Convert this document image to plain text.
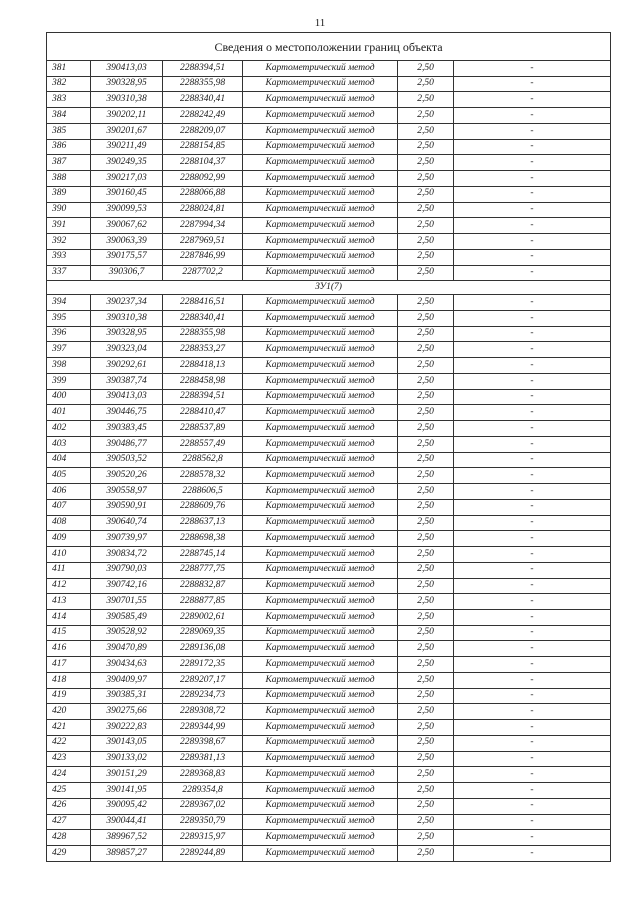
11
Сведения о местоположении границ объекта					
381	390413,03	2288394,51	Картометрический метод	2,50	-
382	390328,95	2288355,98	Картометрический метод	2,50	-
383	390310,38	2288340,41	Картометрический метод	2,50	-
384	390202,11	2288242,49	Картометрический метод	2,50	-
385	390201,67	2288209,07	Картометрический метод	2,50	-
386	390211,49	2288154,85	Картометрический метод	2,50	-
387	390249,35	2288104,37	Картометрический метод	2,50	-
388	390217,03	2288092,99	Картометрический метод	2,50	-
389	390160,45	2288066,88	Картометрический метод	2,50	-
390	390099,53	2288024,81	Картометрический метод	2,50	-
391	390067,62	2287994,34	Картометрический метод	2,50	-
392	390063,39	2287969,51	Картометрический метод	2,50	-
393	390175,57	2287846,99	Картометрический метод	2,50	-
337	390306,7	2287702,2	Картометрический метод	2,50	-
ЗУ1(7)					
394	390237,34	2288416,51	Картометрический метод	2,50	-
395	390310,38	2288340,41	Картометрический метод	2,50	-
396	390328,95	2288355,98	Картометрический метод	2,50	-
397	390323,04	2288353,27	Картометрический метод	2,50	-
398	390292,61	2288418,13	Картометрический метод	2,50	-
399	390387,74	2288458,98	Картометрический метод	2,50	-
400	390413,03	2288394,51	Картометрический метод	2,50	-
401	390446,75	2288410,47	Картометрический метод	2,50	-
402	390383,45	2288537,89	Картометрический метод	2,50	-
403	390486,77	2288557,49	Картометрический метод	2,50	-
404	390503,52	2288562,8	Картометрический метод	2,50	-
405	390520,26	2288578,32	Картометрический метод	2,50	-
406	390558,97	2288606,5	Картометрический метод	2,50	-
407	390590,91	2288609,76	Картометрический метод	2,50	-
408	390640,74	2288637,13	Картометрический метод	2,50	-
409	390739,97	2288698,38	Картометрический метод	2,50	-
410	390834,72	2288745,14	Картометрический метод	2,50	-
411	390790,03	2288777,75	Картометрический метод	2,50	-
412	390742,16	2288832,87	Картометрический метод	2,50	-
413	390701,55	2288877,85	Картометрический метод	2,50	-
414	390585,49	2289002,61	Картометрический метод	2,50	-
415	390528,92	2289069,35	Картометрический метод	2,50	-
416	390470,89	2289136,08	Картометрический метод	2,50	-
417	390434,63	2289172,35	Картометрический метод	2,50	-
418	390409,97	2289207,17	Картометрический метод	2,50	-
419	390385,31	2289234,73	Картометрический метод	2,50	-
420	390275,66	2289308,72	Картометрический метод	2,50	-
421	390222,83	2289344,99	Картометрический метод	2,50	-
422	390143,05	2289398,67	Картометрический метод	2,50	-
423	390133,02	2289381,13	Картометрический метод	2,50	-
424	390151,29	2289368,83	Картометрический метод	2,50	-
425	390141,95	2289354,8	Картометрический метод	2,50	-
426	390095,42	2289367,02	Картометрический метод	2,50	-
427	390044,41	2289350,79	Картометрический метод	2,50	-
428	389967,52	2289315,97	Картометрический метод	2,50	-
429	389857,27	2289244,89	Картометрический метод	2,50	-
